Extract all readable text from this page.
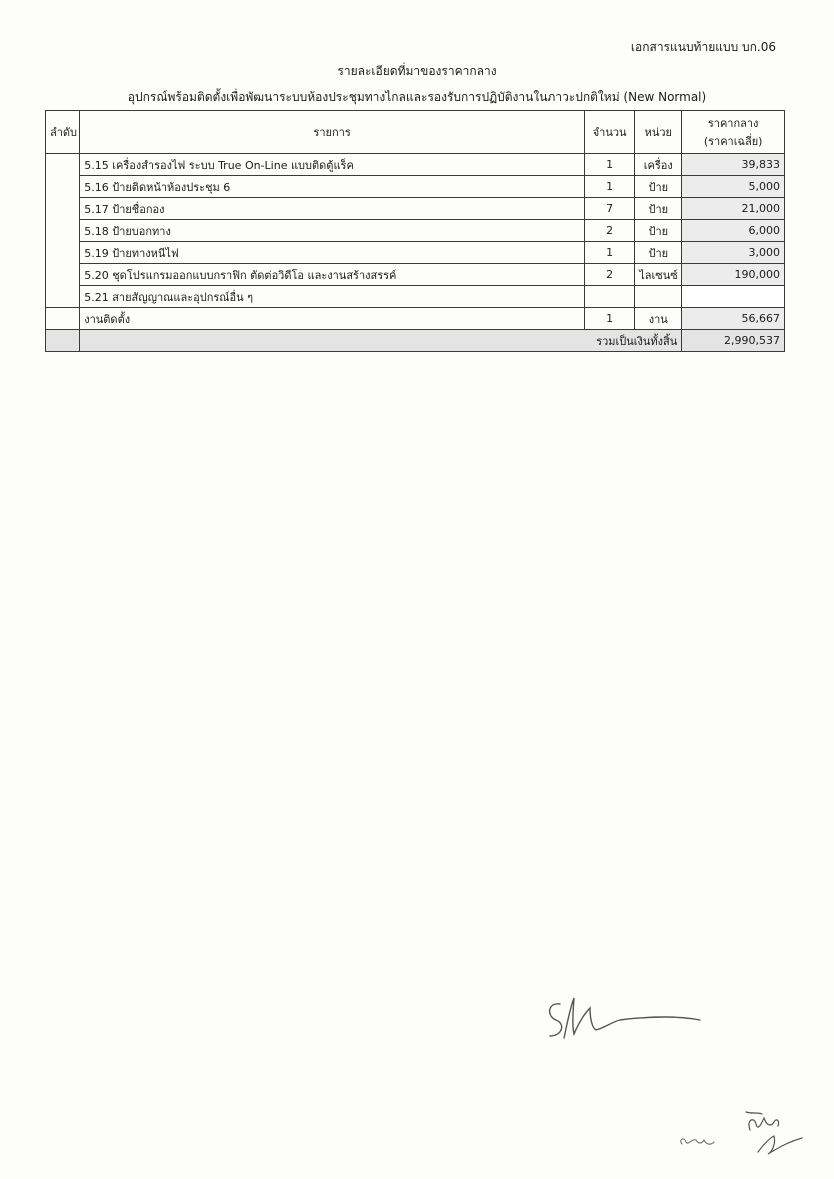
เอกสารแนบท้ายแบบ บก.06
รายละเอียดที่มาของราคากลาง
อุปกรณ์พร้อมติดตั้งเพื่อพัฒนาระบบห้องประชุมทางไกลและรองรับการปฏิบัติงานในภาวะปกติใหม่ (New Normal)
ลำดับ	รายการ	จำนวน	หน่วย	ราคากลาง
(ราคาเฉลี่ย)

	5.15 เครื่องสำรองไฟ ระบบ True On-Line แบบติดตู้แร็ค	1	เครื่อง	39,833
	5.16 ป้ายติดหน้าห้องประชุม 6	1	ป้าย	5,000
	5.17 ป้ายชื่อกอง	7	ป้าย	21,000
	5.18 ป้ายบอกทาง	2	ป้าย	6,000
	5.19 ป้ายทางหนีไฟ	1	ป้าย	3,000
	5.20 ชุดโปรแกรมออกแบบกราฟิก ตัดต่อวิดีโอ และงานสร้างสรรค์	2	ไลเซนซ์	190,000
	5.21 สายสัญญาณและอุปกรณ์อื่น ๆ			
	งานติดตั้ง	1	งาน	56,667
	รวมเป็นเงินทั้งสิ้น			2,990,537
